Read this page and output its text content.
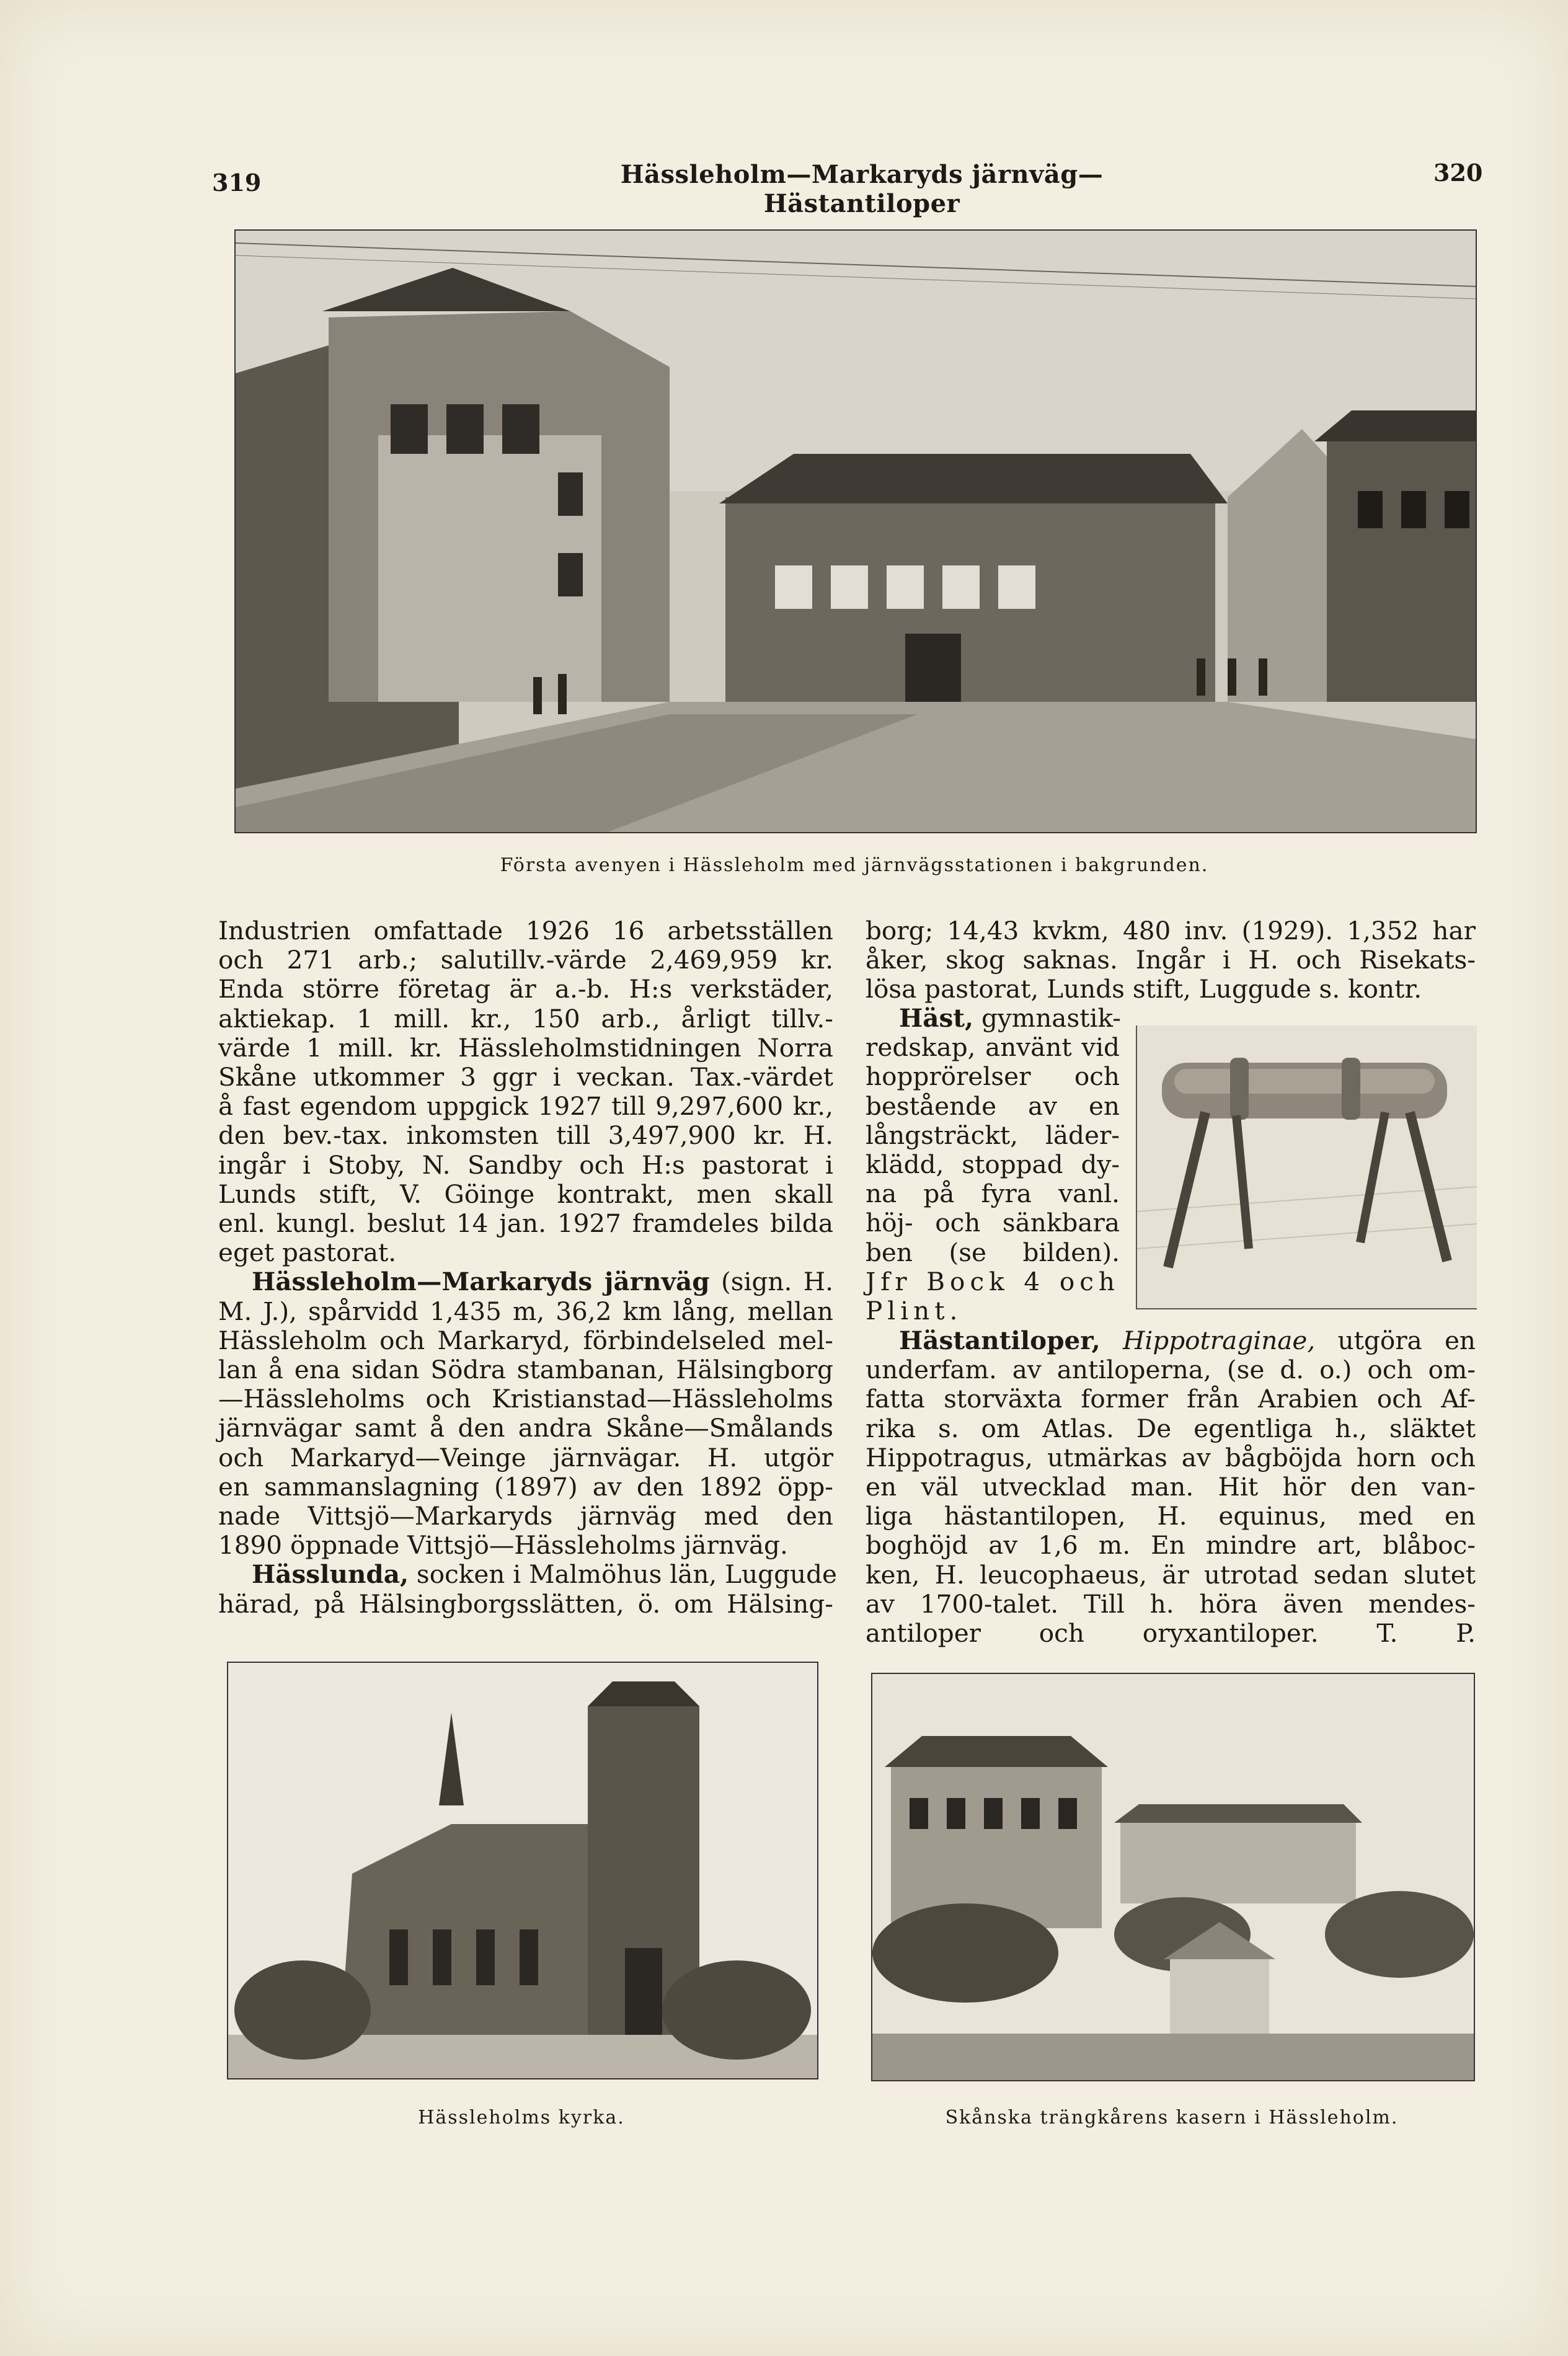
319	Hässleholm—Markaryds järnväg—Hästantiloper
320
Första avenyen i Hässleholm med järnvägsstationen i bakgrunden.
Industrien omfattade 1926 16 arbetsställen
och 271 arb.; salutillv.-värde 2,469,959 kr.
Enda större företag är a.-b. H:s verkstäder,
aktiekap. 1 mill. kr., 150 arb., årligt tillv.-
värde 1 mill. kr. Hässleholmstidningen Norra
Skåne utkommer 3 ggr i veckan. Tax.-värdet
å fast egendom uppgick 1927 till 9,297,600 kr.,
den bev.-tax. inkomsten till 3,497,900 kr. H.
ingår i Stoby, N. Sandby och H:s pastorat i
Lunds stift, V. Göinge kontrakt, men skall
enl. kungl. beslut 14 jan. 1927 framdeles bilda
eget pastorat.
Hässleholm—Markaryds järnväg (sign. H.
M. J.), spårvidd 1,435 m, 36,2 km lång, mellan
Hässleholm och Markaryd, förbindelseled mel-
lan å ena sidan Södra stambanan, Hälsingborg
—Hässleholms och Kristianstad—Hässleholms
järnvägar samt å den andra Skåne—Smålands
och Markaryd—Veinge järnvägar. H. utgör
en sammanslagning (1897) av den 1892 öpp-
nade Vittsjö—Markaryds järnväg med den
1890 öppnade Vittsjö—Hässleholms järnväg.
Hässlunda, socken i Malmöhus län, Luggude
härad, på Hälsingborgsslätten, ö. om Hälsing-
borg; 14,43 kvkm, 480 inv. (1929). 1,352 har
åker, skog saknas. Ingår i H. och Risekats-
lösa pastorat, Lunds stift, Luggude s. kontr.
Häst, gymnastik-
redskap, använt vid
hopprörelser och
bestående av en
långsträckt, läder-
klädd, stoppad dy-
na på fyra vanl.
höj- och sänkbara
ben (se bilden).
Jfr Bock 4 och
Plint.
Hästantiloper, Hippotraginae, utgöra en
underfam. av antiloperna, (se d. o.) och om-
fatta storväxta former från Arabien och Af-
rika s. om Atlas. De egentliga h., släktet
Hippotragus, utmärkas av bågböjda horn och
en väl utvecklad man. Hit hör den van-
liga hästantilopen, H. equinus, med en
boghöjd av 1,6 m. En mindre art, blåboc-
ken, H. leucophaeus, är utrotad sedan slutet
av 1700-talet. Till h. höra även mendes-
antiloper och oryxantiloper. T. P.
Hässleholms kyrka.	Skånska trängkårens kasern i Hässleholm.
